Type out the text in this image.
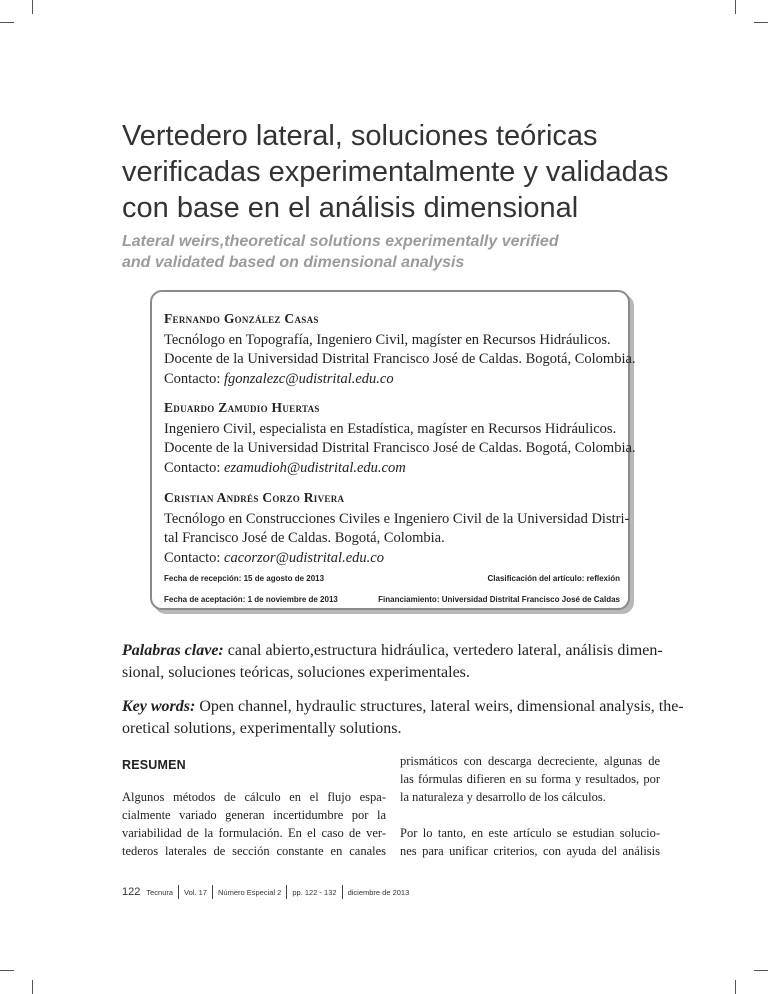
Vertedero lateral, soluciones teóricas
verificadas experimentalmente y validadas
con base en el análisis dimensional
Lateral weirs,theoretical solutions experimentally verified
and validated based on dimensional analysis
Fernando González Casas
Tecnólogo en Topografía, Ingeniero Civil, magíster en Recursos Hidráulicos.
Docente de la Universidad Distrital Francisco José de Caldas. Bogotá, Colombia.
Contacto: fgonzalezc@udistrital.edu.co
Eduardo Zamudio Huertas
Ingeniero Civil, especialista en Estadística, magíster en Recursos Hidráulicos.
Docente de la Universidad Distrital Francisco José de Caldas. Bogotá, Colombia.
Contacto: ezamudioh@udistrital.edu.com
Cristian Andrés Corzo Rivera
Tecnólogo en Construcciones Civiles e Ingeniero Civil de la Universidad Distri-
tal Francisco José de Caldas. Bogotá, Colombia.
Contacto: cacorzor@udistrital.edu.co
Fecha de recepción: 15 de agosto de 2013	Clasificación del artículo: reflexión
Fecha de aceptación: 1 de noviembre de 2013	Financiamiento: Universidad Distrital Francisco José de Caldas
Palabras clave: canal abierto,estructura hidráulica, vertedero lateral, análisis dimen-
sional, soluciones teóricas, soluciones experimentales.
Key words: Open channel, hydraulic structures, lateral weirs, dimensional analysis, the-
oretical solutions, experimentally solutions.
RESUMEN
Algunos métodos de cálculo en el flujo espa-
cialmente variado generan incertidumbre por la
variabilidad de la formulación. En el caso de ver-
tederos laterales de sección constante en canales
prismáticos con descarga decreciente, algunas de
las fórmulas difieren en su forma y resultados, por
la naturaleza y desarrollo de los cálculos.
Por lo tanto, en este artículo se estudian solucio-
nes para unificar criterios, con ayuda del análisis
122 Tecnura Vol. 17 Número Especial 2 pp. 122 - 132 diciembre de 2013
